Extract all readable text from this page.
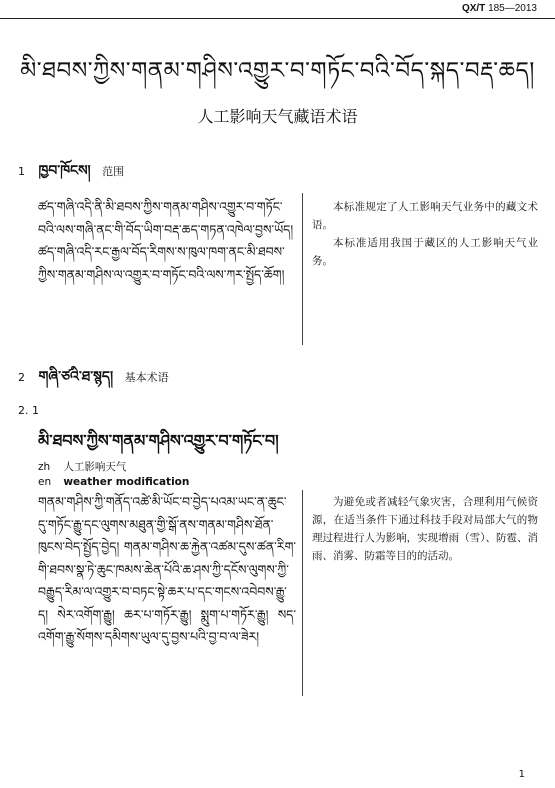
QX/T 185—2013
མི་ཐབས་ཀྱིས་གནམ་གཤིས་འགྱུར་བ་གཏོང་བའི་བོད་སྐད་བརྡ་ཆད།
人工影响天气藏语术语
1 ཁྱབ་ཁོངས། 范围
ཚད་གཞི་འདི་ནི་མི་ཐབས་ཀྱིས་གནམ་གཤིས་འགྱུར་བ་གཏོང་བའི་ལས་གཞི་ནང་གི་བོད་ཡིག་བརྡ་ཆད་གཏན་འཁེལ་བྱས་ཡོད། ཚད་གཞི་འདི་རང་རྒྱལ་བོད་རིགས་ས་ཁུལ་ཁག་ནང་མི་ཐབས་ཀྱིས་གནམ་གཤིས་ལ་འགྱུར་བ་གཏོང་བའི་ལས་ཀར་སྤྱོད་ཆོག།

本标准规定了人工影响天气业务中的藏文术语。

本标准适用我国于藏区的人工影响天气业务。

2 གཞི་ཙའི་ཐ་སྙད། 基本术语
2. 1
མི་ཐབས་ཀྱིས་གནམ་གཤིས་འགྱུར་བ་གཏོང་བ།
zh 人工影响天气
en weather modification
གནམ་གཤིས་ཀྱི་གནོད་འཚེ་མི་ཡོང་བ་བྱེད་པའམ་ཡང་ན་ཆུང་དུ་གཏོང་རྒྱུ་དང་ལུགས་མཐུན་གྱི་སྒོ་ནས་གནམ་གཤིས་ཐོན་ཁུངས་བེད་སྤྱོད་བྱེད། གནམ་གཤིས་ཆ་རྐྱེན་འཚམ་དུས་ཚན་རིག་གི་ཐབས་སྣ་ཏེ་ཆུང་ཁམས་ཆེན་པོའི་ཆ་ཤས་ཀྱི་དངོས་ལུགས་ཀྱི་བརྒྱུད་རིམ་ལ་འགྱུར་བ་བཏང་སྟེ་ཆར་པ་དང་གངས་འབེབས་རྒྱུ་ད། སེར་འགོག་རྒྱུ། ཆར་པ་གཏོར་རྒྱུ། སྨུག་པ་གཏོར་རྒྱུ། སད་འགོག་རྒྱུ་སོགས་དམིགས་ཡུལ་དུ་བྱས་པའི་བྱ་བ་ལ་ཟེར།

为避免或者减轻气象灾害，合理利用气候资源，在适当条件下通过科技手段对局部大气的物理过程进行人为影响，实现增雨（雪）、防雹、消雨、消雾、防霜等目的的活动。

1
